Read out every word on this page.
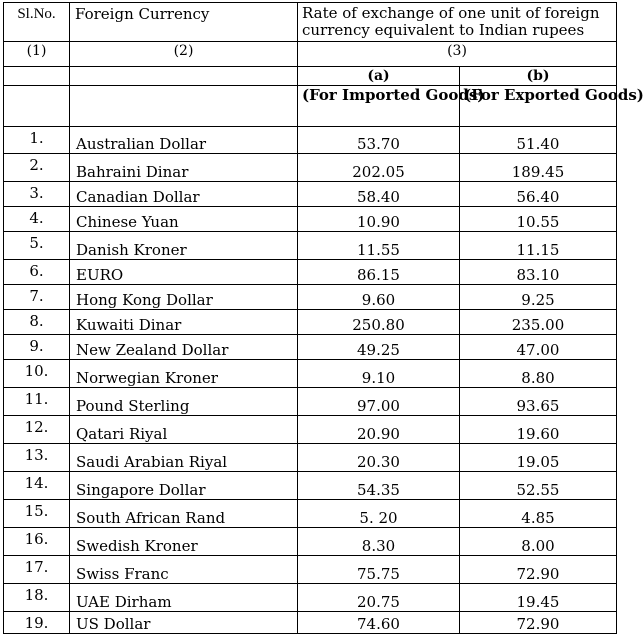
Sl.No.	Foreign Currency	Rate of exchange of one unit of foreign currency equivalent to Indian rupees	
(1)	(2)	(3)	
		(a)	(b)
		(For Imported Goods)	(For Exported Goods)
1.	Australian Dollar	53.70	51.40
2.	Bahraini Dinar	202.05	189.45
3.	Canadian Dollar	58.40	56.40
4.	Chinese Yuan	10.90	10.55
5.	Danish Kroner	11.55	11.15
6.	EURO	86.15	83.10
7.	Hong Kong Dollar	9.60	9.25
8.	Kuwaiti Dinar	250.80	235.00
9.	New Zealand Dollar	49.25	47.00
10.	Norwegian Kroner	9.10	8.80
11.	Pound Sterling	97.00	93.65
12.	Qatari Riyal	20.90	19.60
13.	Saudi Arabian Riyal	20.30	19.05
14.	Singapore Dollar	54.35	52.55
15.	South African Rand	5. 20	4.85
16.	Swedish Kroner	8.30	8.00
17.	Swiss Franc	75.75	72.90
18.	UAE Dirham	20.75	19.45
19.	US Dollar	74.60	72.90
